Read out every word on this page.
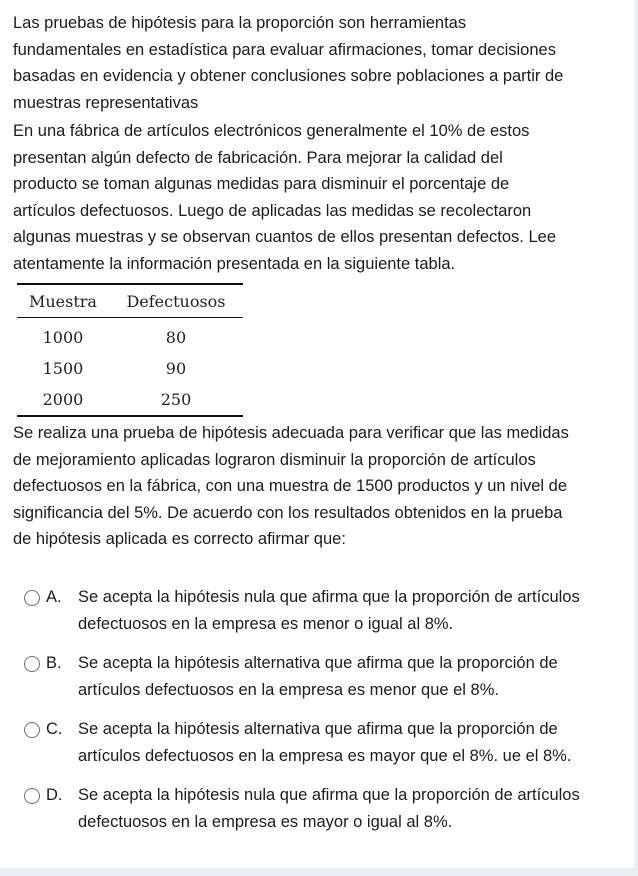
Las pruebas de hipótesis para la proporción son herramientas
fundamentales en estadística para evaluar afirmaciones, tomar decisiones
basadas en evidencia y obtener conclusiones sobre poblaciones a partir de
muestras representativas

En una fábrica de artículos electrónicos generalmente el 10% de estos
presentan algún defecto de fabricación. Para mejorar la calidad del
producto se toman algunas medidas para disminuir el porcentaje de
artículos defectuosos. Luego de aplicadas las medidas se recolectaron
algunas muestras y se observan cuantos de ellos presentan defectos. Lee
atentamente la información presentada en la siguiente tabla.

Muestra	Defectuosos
1000	80
1500	90
2000	250

Se realiza una prueba de hipótesis adecuada para verificar que las medidas
de mejoramiento aplicadas lograron disminuir la proporción de artículos
defectuosos en la fábrica, con una muestra de 1500 productos y un nivel de
significancia del 5%. De acuerdo con los resultados obtenidos en la prueba
de hipótesis aplicada es correcto afirmar que:

A. Se acepta la hipótesis nula que afirma que la proporción de artículos
defectuosos en la empresa es menor o igual al 8%.
B. Se acepta la hipótesis alternativa que afirma que la proporción de
artículos defectuosos en la empresa es menor que el 8%.
C. Se acepta la hipótesis alternativa que afirma que la proporción de
artículos defectuosos en la empresa es mayor que el 8%. ue el 8%.
D. Se acepta la hipótesis nula que afirma que la proporción de artículos
defectuosos en la empresa es mayor o igual al 8%.
